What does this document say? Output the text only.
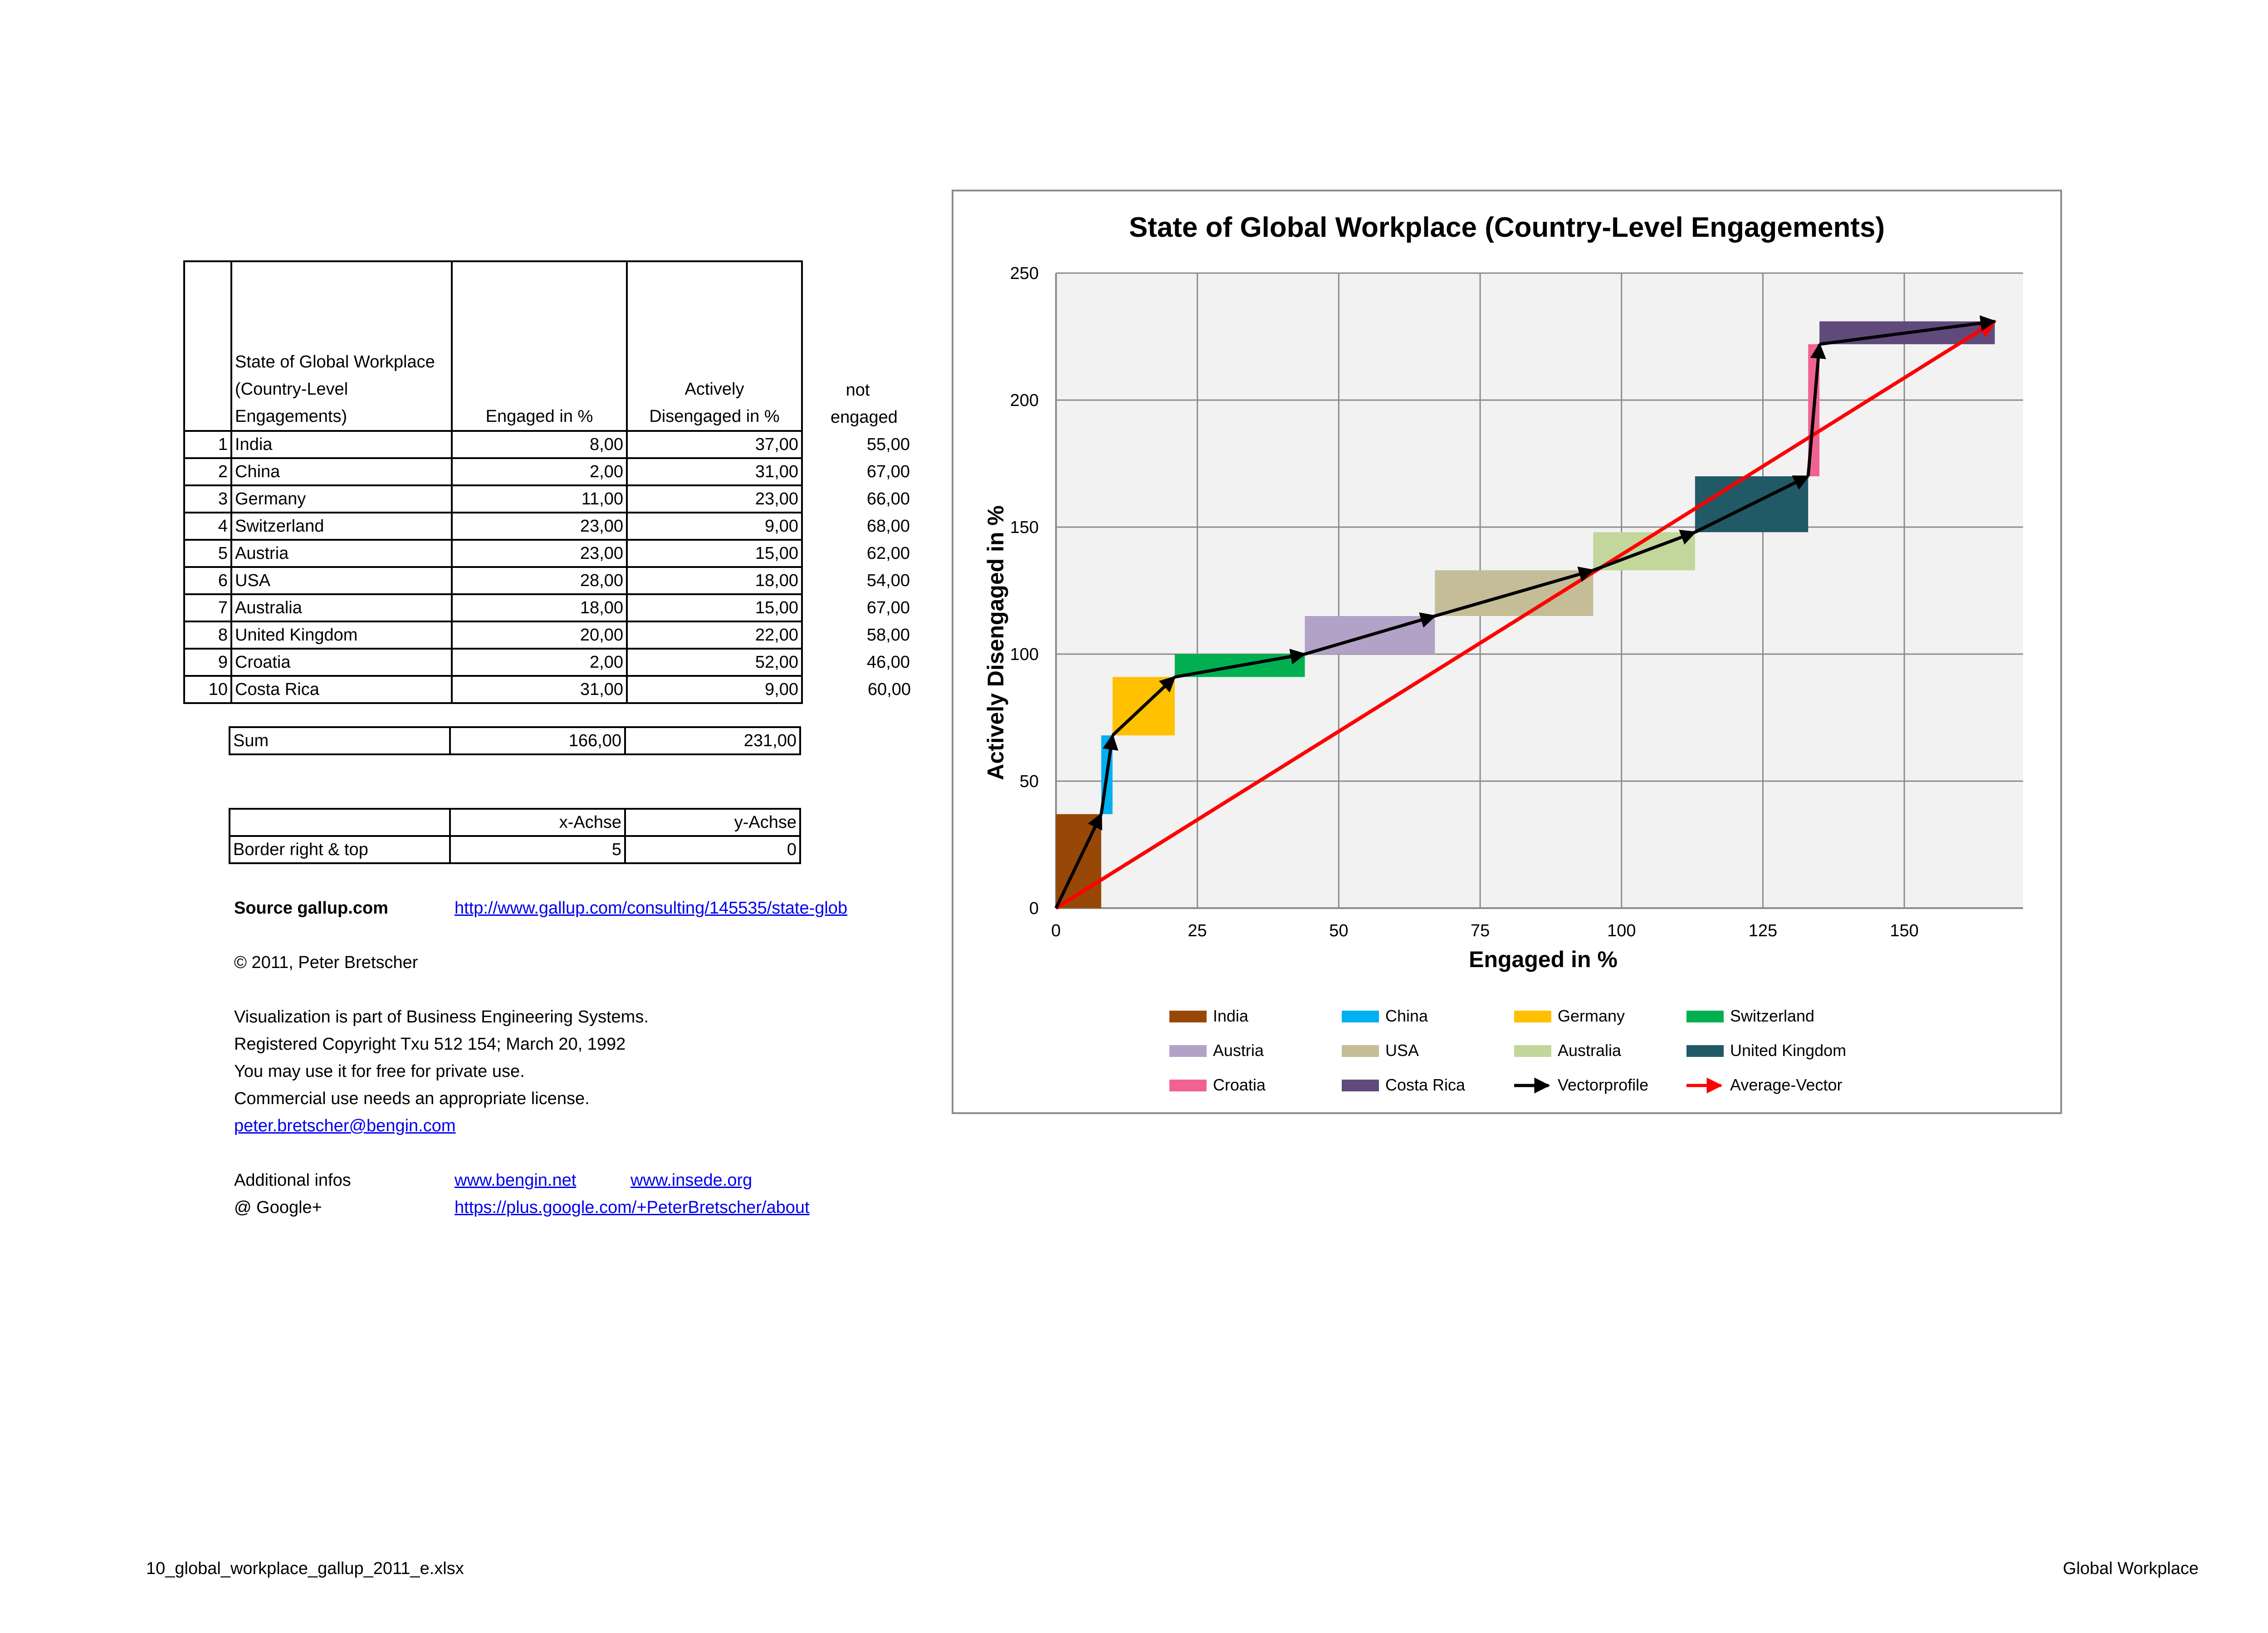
	State of Global Workplace (Country-Level Engagements)	Engaged in %	Actively Disengaged in %	not engaged
1	India	8,00	37,00	55,00
2	China	2,00	31,00	67,00
3	Germany	11,00	23,00	66,00
4	Switzerland	23,00	9,00	68,00
5	Austria	23,00	15,00	62,00
6	USA	28,00	18,00	54,00
7	Australia	18,00	15,00	67,00
8	United Kingdom	20,00	22,00	58,00
9	Croatia	2,00	52,00	46,00
10	Costa Rica	31,00	9,00	60,00
Sum	166,00	231,00
	x-Achse	y-Achse
Border right & top	5	0
Source gallup.com	http://www.gallup.com/consulting/145535/state-glob
© 2011, Peter Bretscher
Visualization is part of Business Engineering Systems.
Registered Copyright Txu 512 154; March 20, 1992
You may use it for free for private use.
Commercial use needs an appropriate license.
peter.bretscher@bengin.com
Additional infos	www.bengin.net	www.insede.org
@ Google+	https://plus.google.com/+PeterBretscher/about
10_global_workplace_gallup_2011_e.xlsx	Global Workplace
State of Global Workplace (Country-Level Engagements)
0	25	50	75	100	125	150
0
50
100
150
200
250
Engaged in %
Actively Disengaged in %
India	China	Germany	Switzerland
Austria	USA	Australia	United Kingdom
Croatia	Costa Rica	Vectorprofile	Average-Vector
